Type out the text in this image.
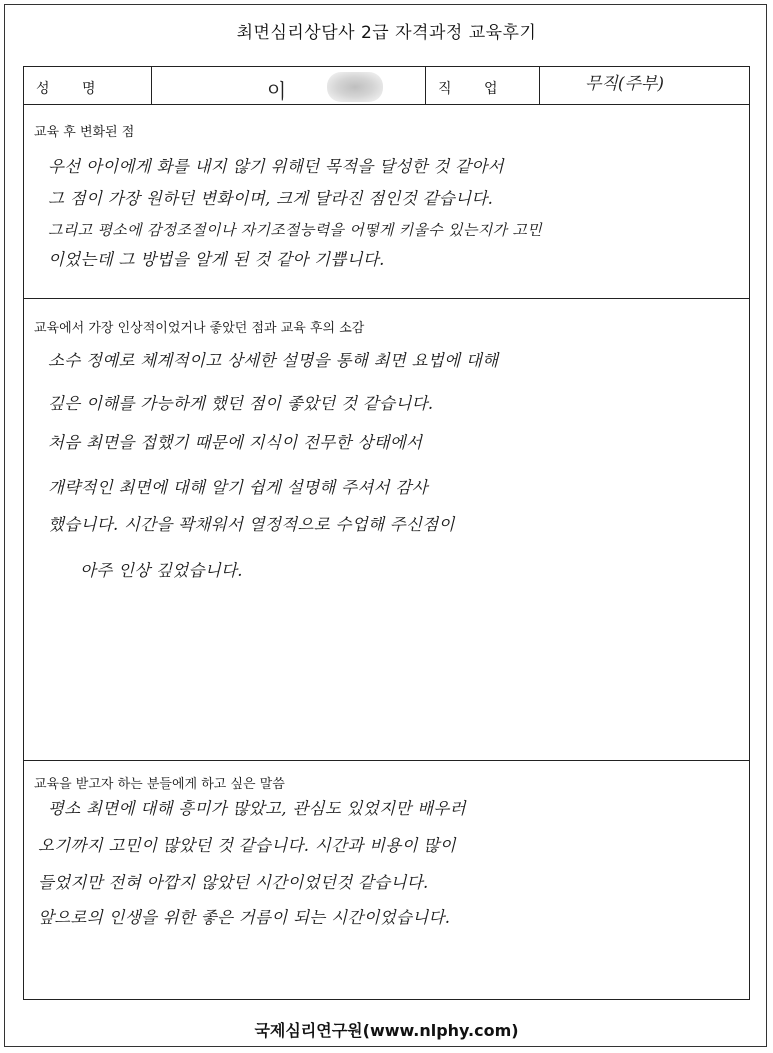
최면심리상담사 2급 자격과정 교육후기
성 명	이	직 업	무직(주부)
교육 후 변화된 점
우선 아이에게 화를 내지 않기 위해던 목적을 달성한 것 같아서
그 점이 가장 원하던 변화이며, 크게 달라진 점인것 같습니다.
그리고 평소에 감정조절이나 자기조절능력을 어떻게 키울수 있는지가 고민
이었는데 그 방법을 알게 된 것 같아 기쁩니다.
교육에서 가장 인상적이었거나 좋았던 점과 교육 후의 소감
소수 정예로 체계적이고 상세한 설명을 통해 최면 요법에 대해
깊은 이해를 가능하게 했던 점이 좋았던 것 같습니다.
처음 최면을 접했기 때문에 지식이 전무한 상태에서
개략적인 최면에 대해 알기 쉽게 설명해 주셔서 감사
했습니다. 시간을 꽉채워서 열정적으로 수업해 주신점이
아주 인상 깊었습니다.
교육을 받고자 하는 분들에게 하고 싶은 말씀
평소 최면에 대해 흥미가 많았고, 관심도 있었지만 배우러
오기까지 고민이 많았던 것 같습니다. 시간과 비용이 많이
들었지만 전혀 아깝지 않았던 시간이었던것 같습니다.
앞으로의 인생을 위한 좋은 거름이 되는 시간이었습니다.
국제심리연구원(www.nlphy.com)
